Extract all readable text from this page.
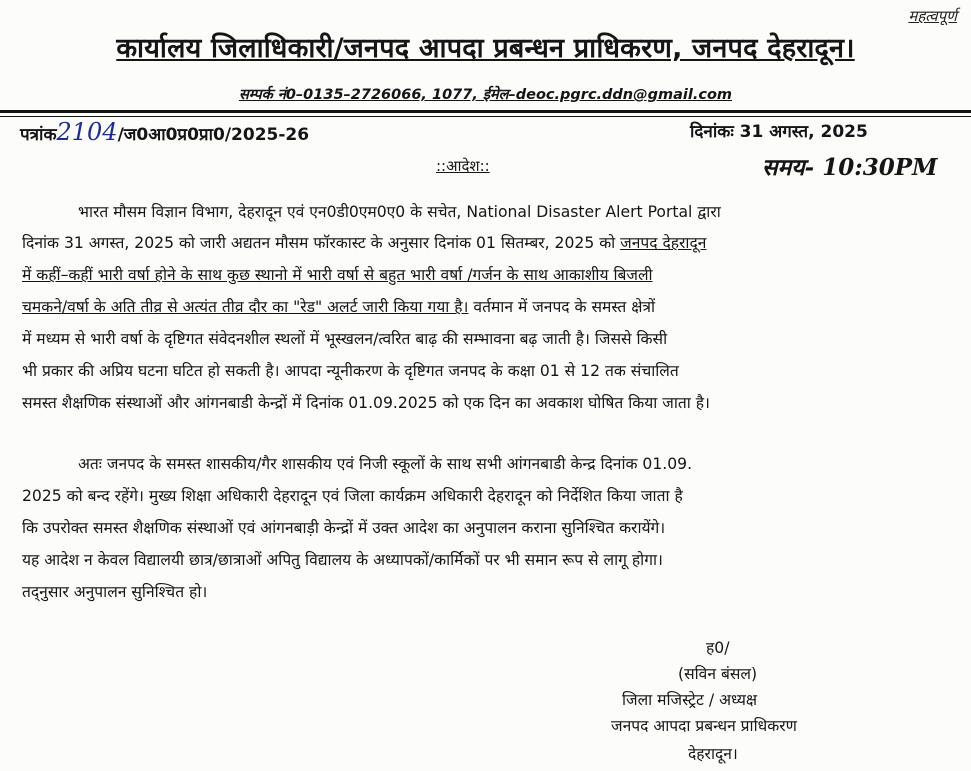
महत्वपूर्ण
कार्यालय जिलाधिकारी/जनपद आपदा प्रबन्धन प्राधिकरण, जनपद देहरादून।
सम्पर्क नं0–0135–2726066, 1077, ईमेल–deoc.pgrc.ddn@gmail.com
पत्रांक2104/ज0आ0प्र0प्रा0/2025-26	दिनांकः 31 अगस्त, 2025
::आदेश::	समय- 10:30PM
भारत मौसम विज्ञान विभाग, देहरादून एवं एन0डी0एम0ए0 के सचेत, National Disaster Alert Portal द्वारा
दिनांक 31 अगस्त, 2025 को जारी अद्यतन मौसम फॉरकास्ट के अनुसार दिनांक 01 सितम्बर, 2025 को जनपद देहरादून
में कहीं–कहीं भारी वर्षा होने के साथ कुछ स्थानो में भारी वर्षा से बहुत भारी वर्षा /गर्जन के साथ आकाशीय बिजली
चमकने/वर्षा के अति तीव्र से अत्यंत तीव्र दौर का "रेड" अलर्ट जारी किया गया है। वर्तमान में जनपद के समस्त क्षेत्रों
में मध्यम से भारी वर्षा के दृष्टिगत संवेदनशील स्थलों में भूस्खलन/त्वरित बाढ़ की सम्भावना बढ़ जाती है। जिससे किसी
भी प्रकार की अप्रिय घटना घटित हो सकती है। आपदा न्यूनीकरण के दृष्टिगत जनपद के कक्षा 01 से 12 तक संचालित
समस्त शैक्षणिक संस्थाओं और आंगनबाडी केन्द्रों में दिनांक 01.09.2025 को एक दिन का अवकाश घोषित किया जाता है।
अतः जनपद के समस्त शासकीय/गैर शासकीय एवं निजी स्कूलों के साथ सभी आंगनबाडी केन्द्र दिनांक 01.09.
2025 को बन्द रहेंगे। मुख्य शिक्षा अधिकारी देहरादून एवं जिला कार्यक्रम अधिकारी देहरादून को निर्देशित किया जाता है
कि उपरोक्त समस्त शैक्षणिक संस्थाओं एवं आंगनबाड़ी केन्द्रों में उक्त आदेश का अनुपालन कराना सुनिश्चित करायेंगे।
यह आदेश न केवल विद्यालयी छात्र/छात्राओं अपितु विद्यालय के अध्यापकों/कार्मिकों पर भी समान रूप से लागू होगा।
तद्नुसार अनुपालन सुनिश्चित हो।
ह0/
(सविन बंसल)
जिला मजिस्ट्रेट / अध्यक्ष
जनपद आपदा प्रबन्धन प्राधिकरण
देहरादून।
